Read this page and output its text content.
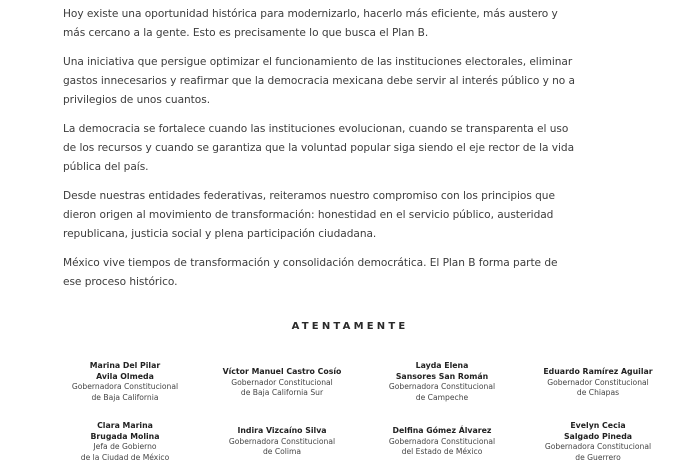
Hoy existe una oportunidad histórica para modernizarlo, hacerlo más eficiente, más austero y
más cercano a la gente. Esto es precisamente lo que busca el Plan B.

Una iniciativa que persigue optimizar el funcionamiento de las instituciones electorales, eliminar
gastos innecesarios y reafirmar que la democracia mexicana debe servir al interés público y no a
privilegios de unos cuantos.

La democracia se fortalece cuando las instituciones evolucionan, cuando se transparenta el uso
de los recursos y cuando se garantiza que la voluntad popular siga siendo el eje rector de la vida
pública del país.

Desde nuestras entidades federativas, reiteramos nuestro compromiso con los principios que
dieron origen al movimiento de transformación: honestidad en el servicio público, austeridad
republicana, justicia social y plena participación ciudadana.

México vive tiempos de transformación y consolidación democrática. El Plan B forma parte de
ese proceso histórico.

ATENTAMENTE
Marina Del Pilar
Avila Olmeda
Gobernadora Constitucional
de Baja California
Víctor Manuel Castro Cosío
Gobernador Constitucional
de Baja California Sur
Layda Elena
Sansores San Román
Gobernadora Constitucional
de Campeche
Eduardo Ramírez Aguilar
Gobernador Constitucional
de Chiapas
Clara Marina
Brugada Molina
Jefa de Gobierno
de la Ciudad de México
Indira Vizcaíno Silva
Gobernadora Constitucional
de Colima
Delfina Gómez Álvarez
Gobernadora Constitucional
del Estado de México
Evelyn Cecia
Salgado Pineda
Gobernadora Constitucional
de Guerrero
